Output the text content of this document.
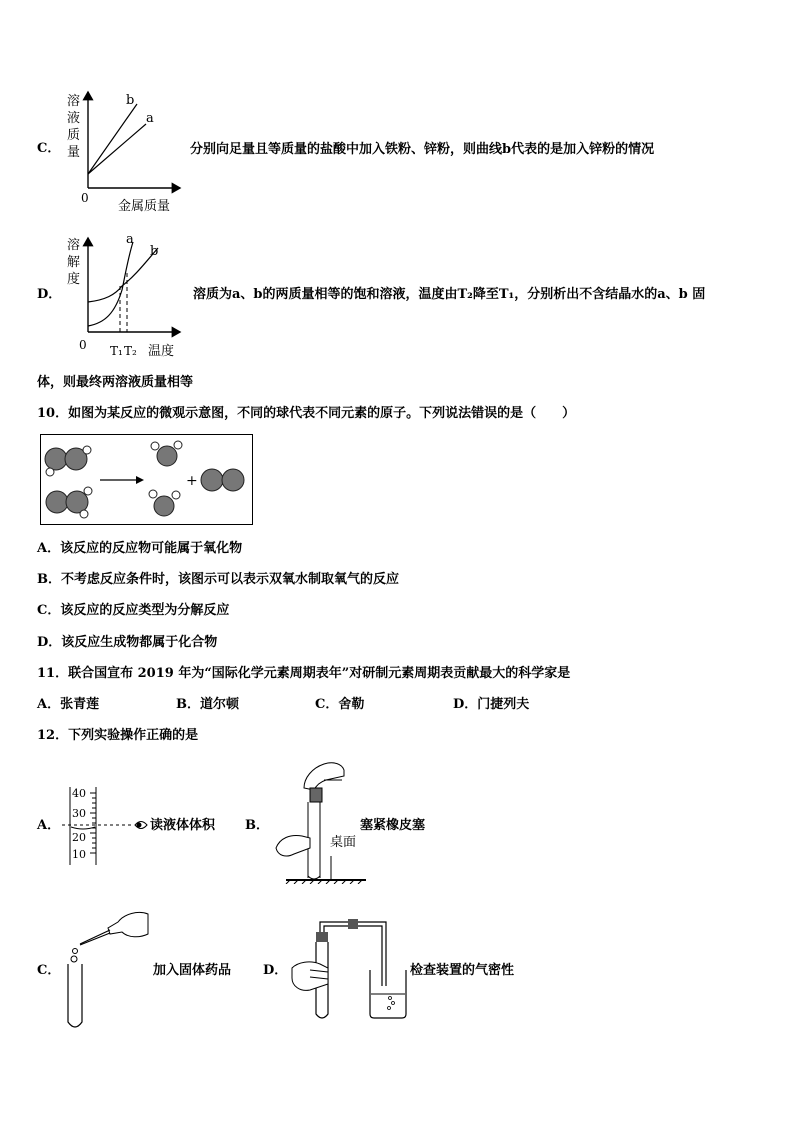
C．
b
a
溶
液
质
量
0
金属质量
分别向足量且等质量的盐酸中加入铁粉、锌粉，则曲线b代表的是加入锌粉的情况
D．
a
b
溶
解
度
0 T₁ T₂ 温度
溶质为a、b的两质量相等的饱和溶液，温度由T₂降至T₁，分别析出不含结晶水的a、b 固
体，则最终两溶液质量相等
10．如图为某反应的微观示意图，不同的球代表不同元素的原子。下列说法错误的是（　　）
+
A．该反应的反应物可能属于氧化物
B．不考虑反应条件时，该图示可以表示双氧水制取氧气的反应
C．该反应的反应类型为分解反应
D．该反应生成物都属于化合物
11．联合国宣布 2019 年为“国际化学元素周期表年”对研制元素周期表贡献最大的科学家是
A．张青莲	B．道尔顿	C．舍勒	D．门捷列夫
12．下列实验操作正确的是
A．
40
30
20
10
读液体体积 B．
桌面
塞紧橡皮塞
C．	加入固体药品 D．	检查装置的气密性
